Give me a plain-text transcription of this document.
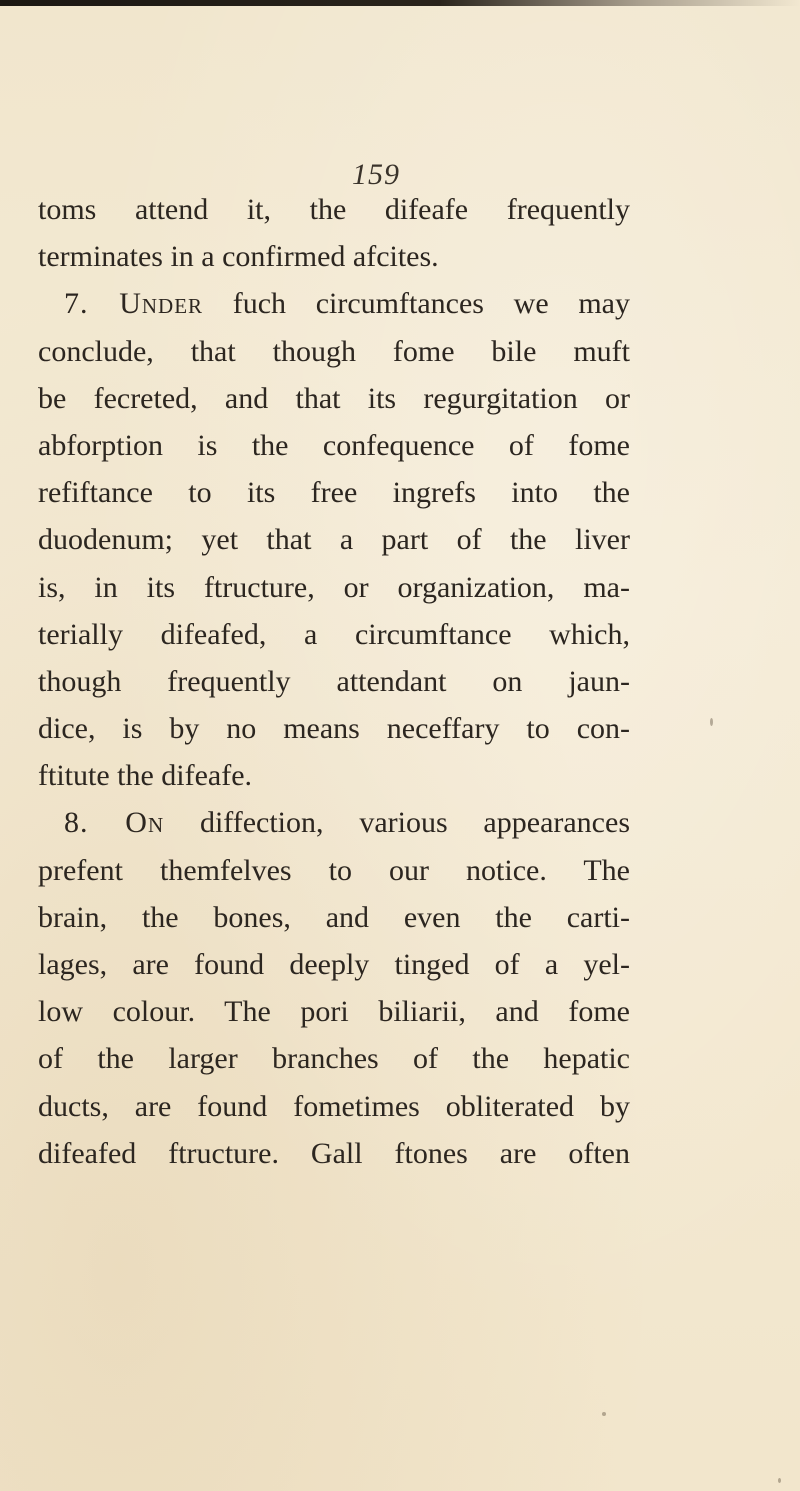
159
toms attend it, the difeafe frequently
terminates in a confirmed afcites.
7. Under fuch circumftances we may
conclude, that though fome bile muft
be fecreted, and that its regurgitation or
abforption is the confequence of fome
refiftance to its free ingrefs into the
duodenum; yet that a part of the liver
is, in its ftructure, or organization, ma-
terially difeafed, a circumftance which,
though frequently attendant on jaun-
dice, is by no means neceffary to con-
ftitute the difeafe.
8. On diffection, various appearances
prefent themfelves to our notice. The
brain, the bones, and even the carti-
lages, are found deeply tinged of a yel-
low colour. The pori biliarii, and fome
of the larger branches of the hepatic
ducts, are found fometimes obliterated by
difeafed ftructure. Gall ftones are often
